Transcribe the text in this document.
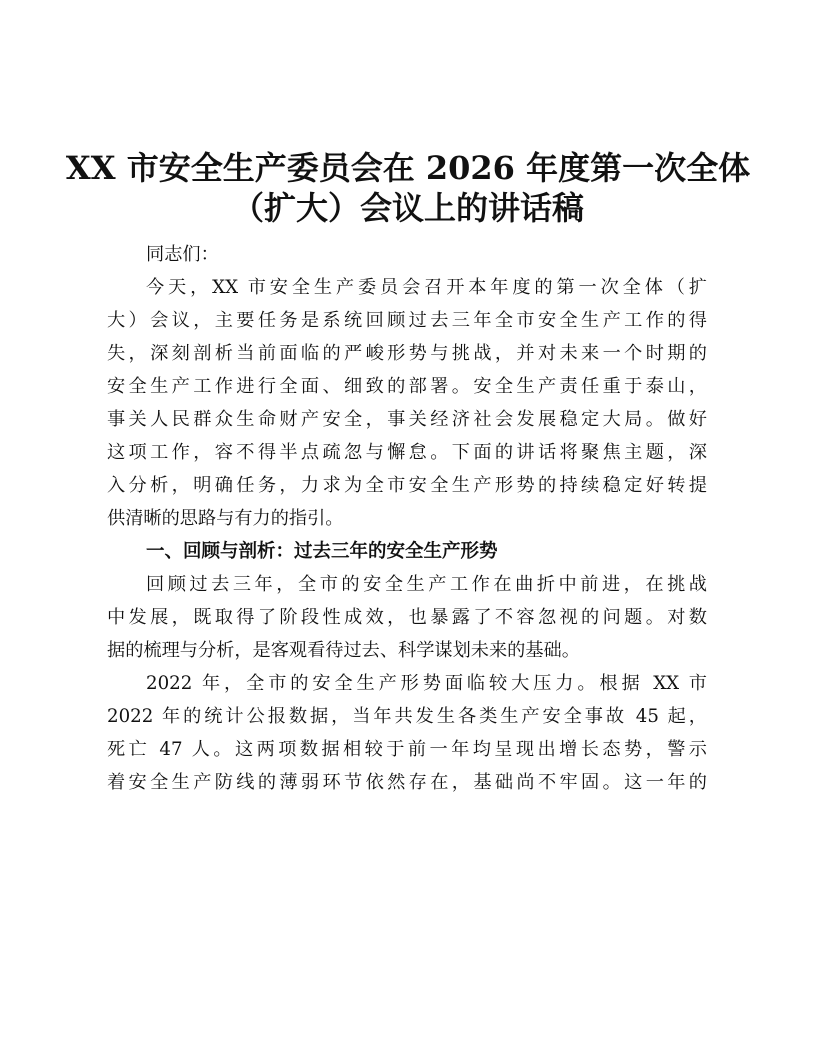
XX 市安全生产委员会在 2026 年度第一次全体
（扩大）会议上的讲话稿
同志们：
今天，XX 市安全生产委员会召开本年度的第一次全体（扩
大）会议，主要任务是系统回顾过去三年全市安全生产工作的得
失，深刻剖析当前面临的严峻形势与挑战，并对未来一个时期的
安全生产工作进行全面、细致的部署。安全生产责任重于泰山，
事关人民群众生命财产安全，事关经济社会发展稳定大局。做好
这项工作，容不得半点疏忽与懈怠。下面的讲话将聚焦主题，深
入分析，明确任务，力求为全市安全生产形势的持续稳定好转提
供清晰的思路与有力的指引。
一、回顾与剖析：过去三年的安全生产形势
回顾过去三年，全市的安全生产工作在曲折中前进，在挑战
中发展，既取得了阶段性成效，也暴露了不容忽视的问题。对数
据的梳理与分析，是客观看待过去、科学谋划未来的基础。
2022 年，全市的安全生产形势面临较大压力。根据 XX 市
2022 年的统计公报数据，当年共发生各类生产安全事故 45 起，
死亡 47 人。这两项数据相较于前一年均呈现出增长态势，警示
着安全生产防线的薄弱环节依然存在，基础尚不牢固。这一年的
